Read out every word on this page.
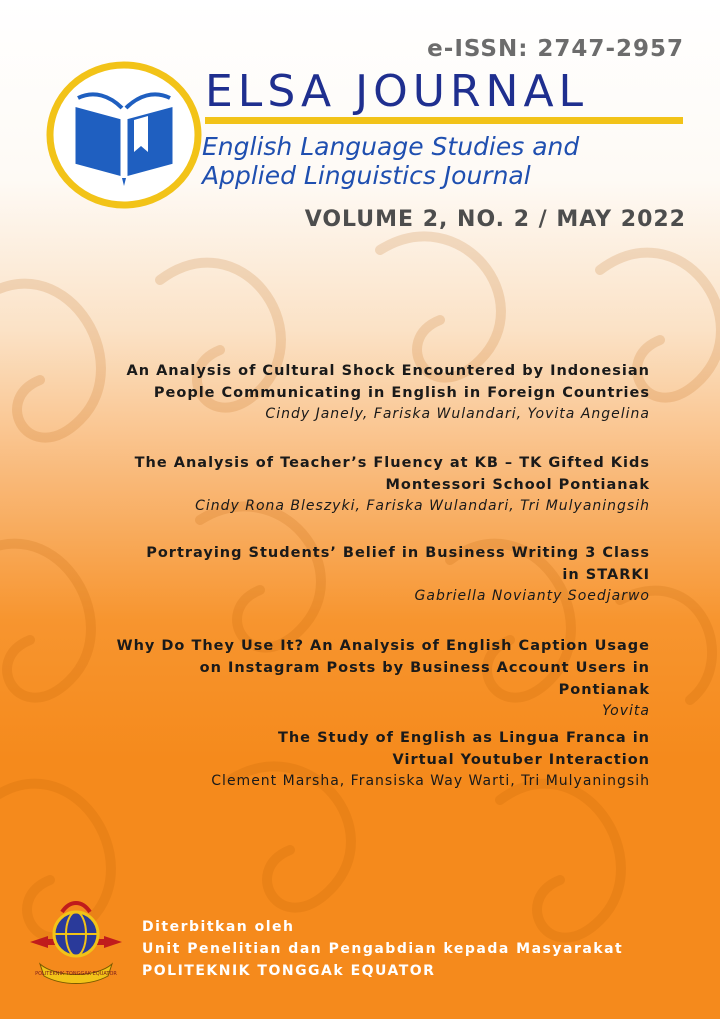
e-ISSN: 2747-2957

ELSA JOURNAL
English Language Studies and
Applied Linguistics Journal

VOLUME 2, NO. 2 / MAY 2022

An Analysis of Cultural Shock Encountered by Indonesian
People Communicating in English in Foreign Countries
Cindy Janely, Fariska Wulandari, Yovita Angelina
The Analysis of Teacher’s Fluency at KB – TK Gifted Kids
Montessori School Pontianak
Cindy Rona Bleszyki, Fariska Wulandari, Tri Mulyaningsih
Portraying Students’ Belief in Business Writing 3 Class
in STARKI
Gabriella Novianty Soedjarwo
Why Do They Use It? An Analysis of English Caption Usage
on Instagram Posts by Business Account Users in
Pontianak
Yovita
The Study of English as Lingua Franca in
Virtual Youtuber Interaction
Clement Marsha, Fransiska Way Warti, Tri Mulyaningsih
POLITEKNIK TONGGAK EQUATOR
Diterbitkan oleh
Unit Penelitian dan Pengabdian kepada Masyarakat
POLITEKNIK TONGGAk EQUATOR
